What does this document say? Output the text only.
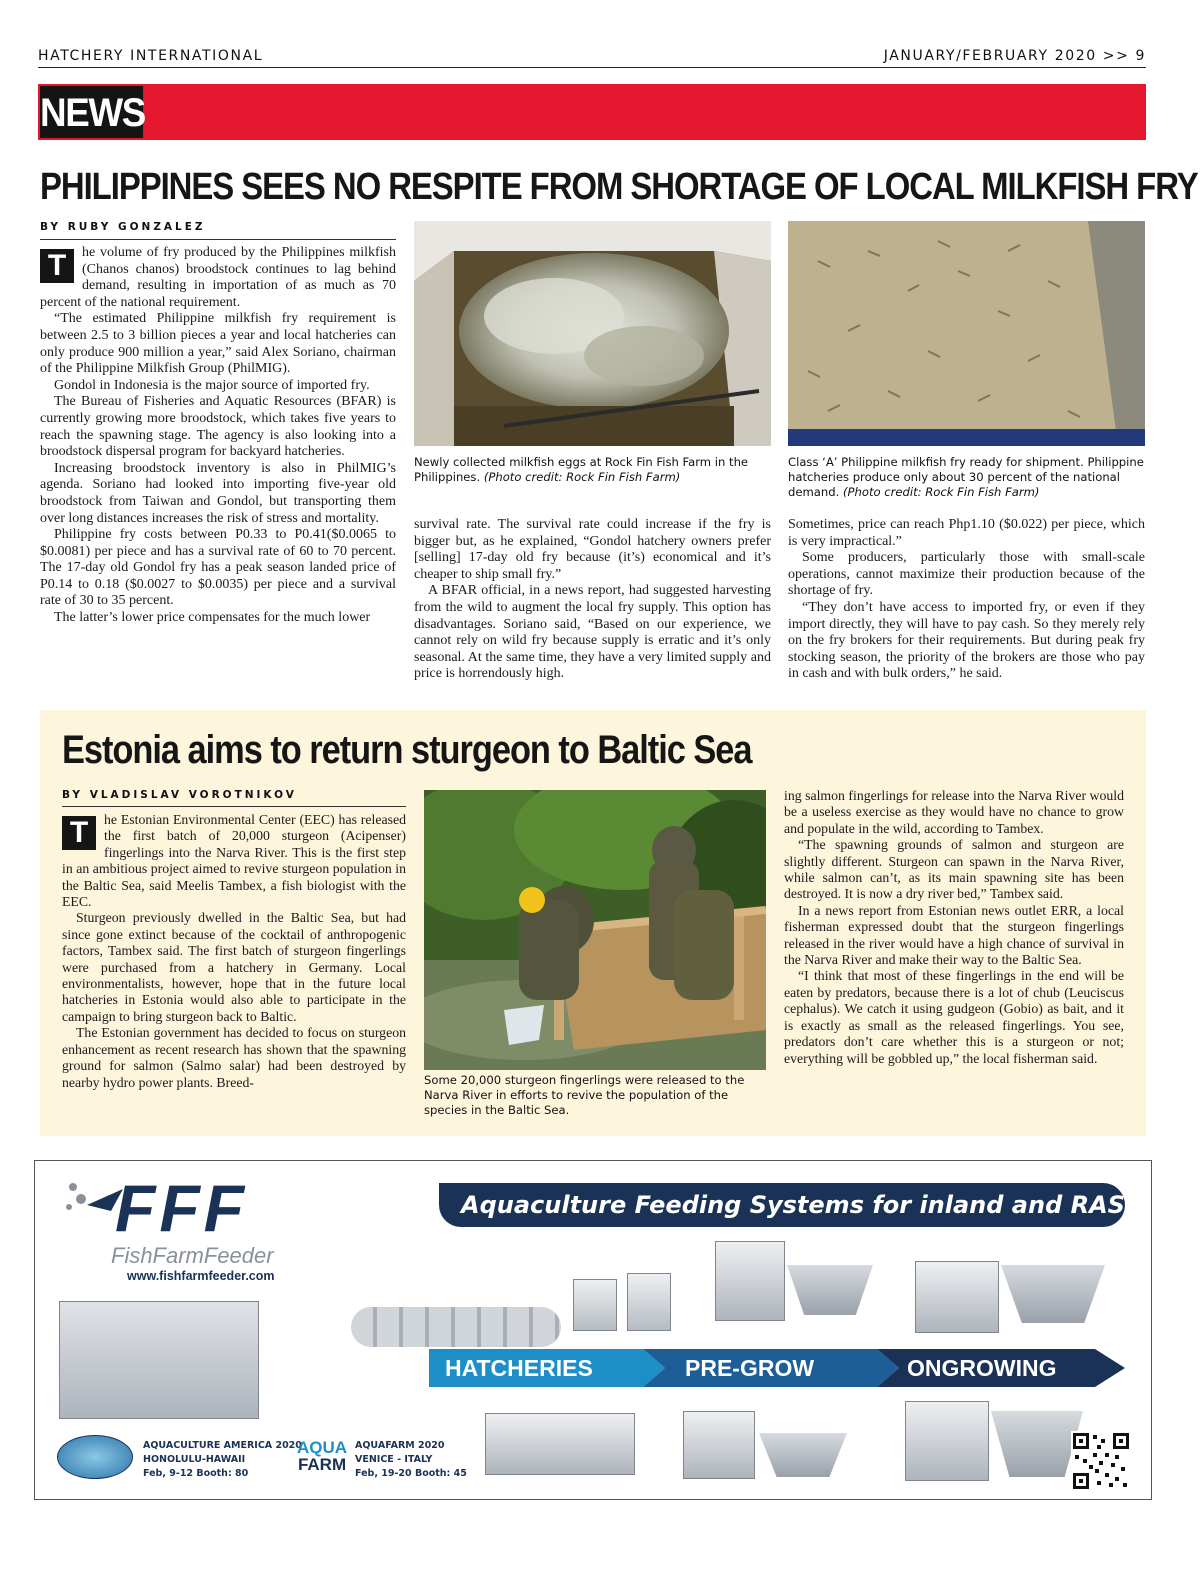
HATCHERY INTERNATIONAL	JANUARY/FEBRUARY 2020 >> 9
NEWS
PHILIPPINES SEES NO RESPITE FROM SHORTAGE OF LOCAL MILKFISH FRY
BY RUBY GONZALEZ
T	he volume of fry produced by the Philippines milkfish (Chanos chanos) broodstock continues to lag behind demand, resulting in importation of as much as 70 percent of the national requirement.

“The estimated Philippine milkfish fry requirement is between 2.5 to 3 billion pieces a year and local hatcheries can only produce 900 million a year,” said Alex Soriano, chairman of the Philippine Milkfish Group (PhilMIG).

Gondol in Indonesia is the major source of imported fry.

The Bureau of Fisheries and Aquatic Resources (BFAR) is currently growing more broodstock, which takes five years to reach the spawning stage. The agency is also looking into a broodstock dispersal program for backyard hatcheries.

Increasing broodstock inventory is also in PhilMIG’s agenda. Soriano had looked into importing five-year old broodstock from Taiwan and Gondol, but transporting them over long distances increases the risk of stress and mortality.

Philippine fry costs between P0.33 to P0.41($0.0065 to $0.0081) per piece and has a survival rate of 60 to 70 percent. The 17-day old Gondol fry has a peak season landed price of P0.14 to 0.18 ($0.0027 to $0.0035) per piece and a survival rate of 30 to 35 percent.

The latter’s lower price compensates for the much lower

Newly collected milkfish eggs at Rock Fin Fish Farm in the Philippines. (Photo credit: Rock Fin Fish Farm)
Class ‘A’ Philippine milkfish fry ready for shipment. Philippine hatcheries produce only about 30 percent of the national demand. (Photo credit: Rock Fin Fish Farm)

survival rate. The survival rate could increase if the fry is bigger but, as he explained, “Gondol hatchery owners prefer [selling] 17-day old fry because (it’s) economical and it’s cheaper to ship small fry.”

A BFAR official, in a news report, had suggested harvesting from the wild to augment the local fry supply. This option has disadvantages. Soriano said, “Based on our experience, we cannot rely on wild fry because supply is erratic and it’s only seasonal. At the same time, they have a very limited supply and price is horrendously high.

Sometimes, price can reach Php1.10 ($0.022) per piece, which is very impractical.”

Some producers, particularly those with small-scale operations, cannot maximize their production because of the shortage of fry.

“They don’t have access to imported fry, or even if they import directly, they will have to pay cash. So they merely rely on the fry brokers for their requirements. But during peak fry stocking season, the priority of the brokers are those who pay in cash and with bulk orders,” he said.

Estonia aims to return sturgeon to Baltic Sea
BY VLADISLAV VOROTNIKOV
T	he Estonian Environmental Center (EEC) has released the first batch of 20,000 sturgeon (Acipenser) fingerlings into the Narva River. This is the first step in an ambitious project aimed to revive sturgeon population in the Baltic Sea, said Meelis Tambex, a fish biologist with the EEC.

Sturgeon previously dwelled in the Baltic Sea, but had since gone extinct because of the cocktail of anthropogenic factors, Tambex said. The first batch of sturgeon fingerlings were purchased from a hatchery in Germany. Local environmentalists, however, hope that in the future local hatcheries in Estonia would also able to participate in the campaign to bring sturgeon back to Baltic.

The Estonian government has decided to focus on sturgeon enhancement as recent research has shown that the spawning ground for salmon (Salmo salar) had been destroyed by nearby hydro power plants. Breed-	Some 20,000 sturgeon fingerlings were released to the Narva River in efforts to revive the population of the species in the Baltic Sea.

ing salmon fingerlings for release into the Narva River would be a useless exercise as they would have no chance to grow and populate in the wild, according to Tambex.

“The spawning grounds of salmon and sturgeon are slightly different. Sturgeon can spawn in the Narva River, while salmon can’t, as its main spawning site has been destroyed. It is now a dry river bed,” Tambex said.

In a news report from Estonian news outlet ERR, a local fisherman expressed doubt that the sturgeon fingerlings released in the river would have a high chance of survival in the Narva River and make their way to the Baltic Sea.

“I think that most of these fingerlings in the end will be eaten by predators, because there is a lot of chub (Leuciscus cephalus). We catch it using gudgeon (Gobio) as bait, and it is exactly as small as the released fingerlings. You see, predators don’t care whether this is a sturgeon or not; everything will be gobbled up,” the local fisherman said.

FFF
FishFarmFeeder
www.fishfarmfeeder.com
Aquaculture Feeding Systems for inland and RAS
HATCHERIES	PRE-GROW	ONGROWING
AQUACULTURE AMERICA 2020
HONOLULU-HAWAII
Feb, 9-12 Booth: 80
AQUA
FARM
AQUAFARM 2020
VENICE - ITALY
Feb, 19-20 Booth: 45
